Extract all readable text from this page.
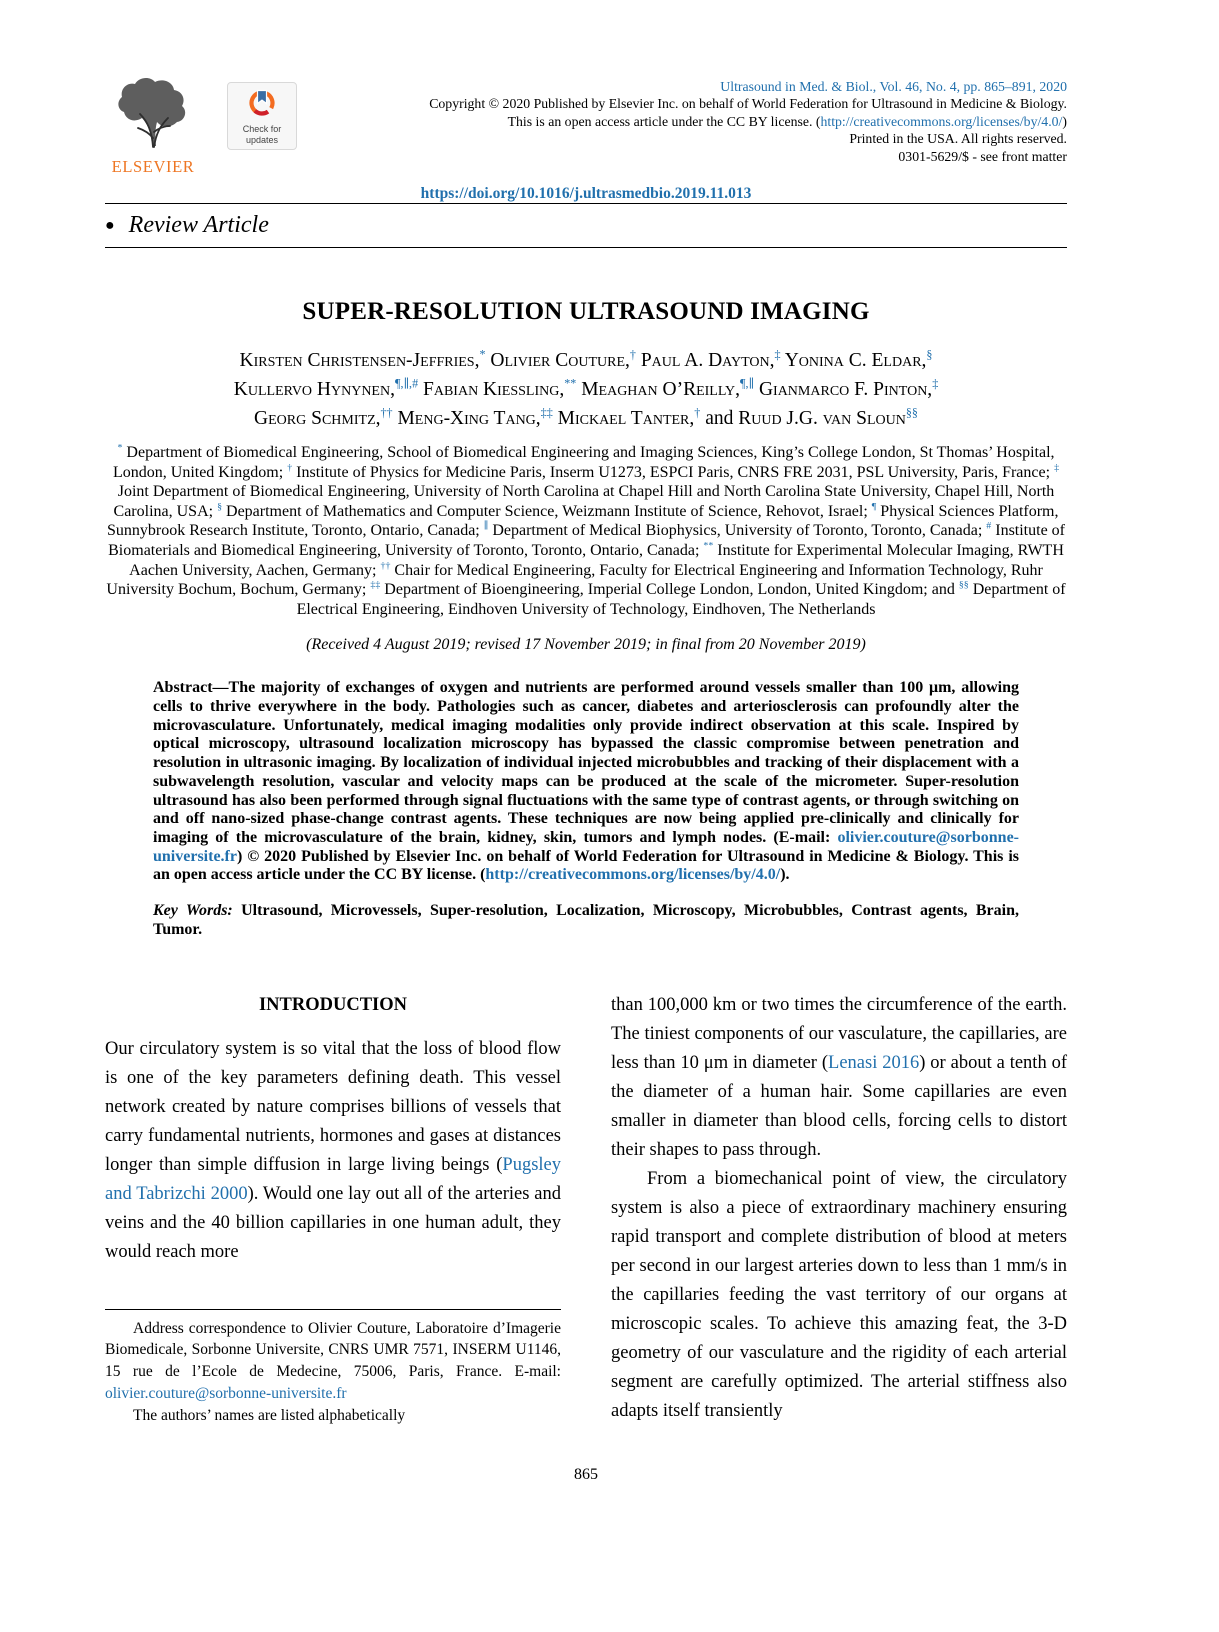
ELSEVIER
Check for
updates
Ultrasound in Med. & Biol., Vol. 46, No. 4, pp. 865–891, 2020
Copyright © 2020 Published by Elsevier Inc. on behalf of World Federation for Ultrasound in Medicine & Biology.
This is an open access article under the CC BY license. (http://creativecommons.org/licenses/by/4.0/)
Printed in the USA. All rights reserved.
0301-5629/$ - see front matter
https://doi.org/10.1016/j.ultrasmedbio.2019.11.013
● Review Article
SUPER-RESOLUTION ULTRASOUND IMAGING
Kirsten Christensen-Jeffries,* Olivier Couture,† Paul A. Dayton,‡ Yonina C. Eldar,§
Kullervo Hynynen,¶,∥,# Fabian Kiessling,** Meaghan O’Reilly,¶,∥ Gianmarco F. Pinton,‡
Georg Schmitz,†† Meng-Xing Tang,‡‡ Mickael Tanter,† and Ruud J.G. van Sloun§§
* Department of Biomedical Engineering, School of Biomedical Engineering and Imaging Sciences, King’s College London, St Thomas’ Hospital, London, United Kingdom; † Institute of Physics for Medicine Paris, Inserm U1273, ESPCI Paris, CNRS FRE 2031, PSL University, Paris, France; ‡ Joint Department of Biomedical Engineering, University of North Carolina at Chapel Hill and North Carolina State University, Chapel Hill, North Carolina, USA; § Department of Mathematics and Computer Science, Weizmann Institute of Science, Rehovot, Israel; ¶ Physical Sciences Platform, Sunnybrook Research Institute, Toronto, Ontario, Canada; ∥ Department of Medical Biophysics, University of Toronto, Toronto, Canada; # Institute of Biomaterials and Biomedical Engineering, University of Toronto, Toronto, Ontario, Canada; ** Institute for Experimental Molecular Imaging, RWTH Aachen University, Aachen, Germany; †† Chair for Medical Engineering, Faculty for Electrical Engineering and Information Technology, Ruhr University Bochum, Bochum, Germany; ‡‡ Department of Bioengineering, Imperial College London, London, United Kingdom; and §§ Department of Electrical Engineering, Eindhoven University of Technology, Eindhoven, The Netherlands
(Received 4 August 2019; revised 17 November 2019; in final from 20 November 2019)
Abstract—The majority of exchanges of oxygen and nutrients are performed around vessels smaller than 100 μm, allowing cells to thrive everywhere in the body. Pathologies such as cancer, diabetes and arteriosclerosis can profoundly alter the microvasculature. Unfortunately, medical imaging modalities only provide indirect observation at this scale. Inspired by optical microscopy, ultrasound localization microscopy has bypassed the classic compromise between penetration and resolution in ultrasonic imaging. By localization of individual injected microbubbles and tracking of their displacement with a subwavelength resolution, vascular and velocity maps can be produced at the scale of the micrometer. Super-resolution ultrasound has also been performed through signal fluctuations with the same type of contrast agents, or through switching on and off nano-sized phase-change contrast agents. These techniques are now being applied pre-clinically and clinically for imaging of the microvasculature of the brain, kidney, skin, tumors and lymph nodes. (E-mail: olivier.couture@sorbonne-universite.fr) © 2020 Published by Elsevier Inc. on behalf of World Federation for Ultrasound in Medicine & Biology. This is an open access article under the CC BY license. (http://creativecommons.org/licenses/by/4.0/).
Key Words: Ultrasound, Microvessels, Super-resolution, Localization, Microscopy, Microbubbles, Contrast agents, Brain, Tumor.
INTRODUCTION

Our circulatory system is so vital that the loss of blood flow is one of the key parameters defining death. This vessel network created by nature comprises billions of vessels that carry fundamental nutrients, hormones and gases at distances longer than simple diffusion in large living beings (Pugsley and Tabrizchi 2000). Would one lay out all of the arteries and veins and the 40 billion capillaries in one human adult, they would reach more

Address correspondence to Olivier Couture, Laboratoire d’Imagerie Biomedicale, Sorbonne Universite, CNRS UMR 7571, INSERM U1146, 15 rue de l’Ecole de Medecine, 75006, Paris, France. E-mail: olivier.couture@sorbonne-universite.fr

The authors’ names are listed alphabetically

than 100,000 km or two times the circumference of the earth. The tiniest components of our vasculature, the capillaries, are less than 10 μm in diameter (Lenasi 2016) or about a tenth of the diameter of a human hair. Some capillaries are even smaller in diameter than blood cells, forcing cells to distort their shapes to pass through.

From a biomechanical point of view, the circulatory system is also a piece of extraordinary machinery ensuring rapid transport and complete distribution of blood at meters per second in our largest arteries down to less than 1 mm/s in the capillaries feeding the vast territory of our organs at microscopic scales. To achieve this amazing feat, the 3-D geometry of our vasculature and the rigidity of each arterial segment are carefully optimized. The arterial stiffness also adapts itself transiently

865
